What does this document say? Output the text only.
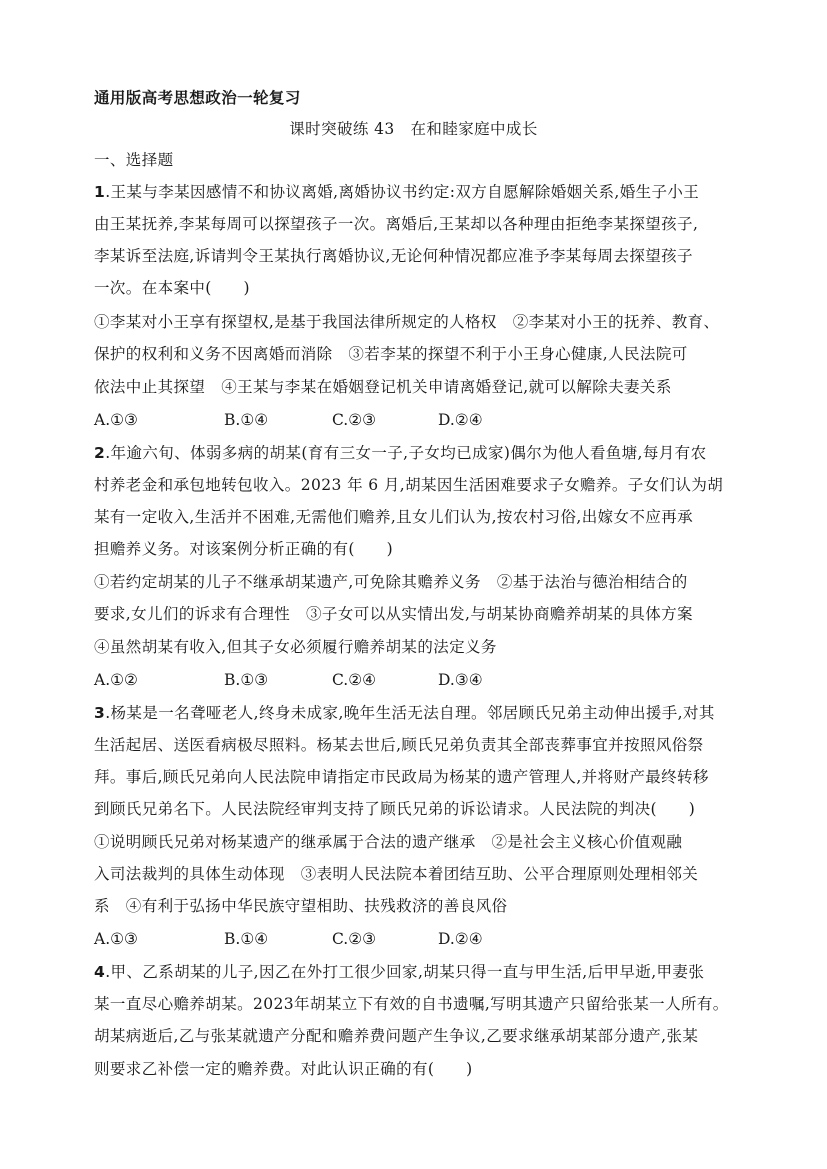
通用版高考思想政治一轮复习
课时突破练 43　在和睦家庭中成长
一、选择题
1.王某与李某因感情不和协议离婚,离婚协议书约定:双方自愿解除婚姻关系,婚生子小王
由王某抚养,李某每周可以探望孩子一次。离婚后,王某却以各种理由拒绝李某探望孩子,
李某诉至法庭,诉请判令王某执行离婚协议,无论何种情况都应准予李某每周去探望孩子
一次。在本案中(　　)
①李某对小王享有探望权,是基于我国法律所规定的人格权　②李某对小王的抚养、教育、
保护的权利和义务不因离婚而消除　③若李某的探望不利于小王身心健康,人民法院可
依法中止其探望　④王某与李某在婚姻登记机关申请离婚登记,就可以解除夫妻关系
A.①③	B.①④	C.②③	D.②④
2.年逾六旬、体弱多病的胡某(育有三女一子,子女均已成家)偶尔为他人看鱼塘,每月有农
村养老金和承包地转包收入。2023 年 6 月,胡某因生活困难要求子女赡养。子女们认为胡
某有一定收入,生活并不困难,无需他们赡养,且女儿们认为,按农村习俗,出嫁女不应再承
担赡养义务。对该案例分析正确的有(　　)
①若约定胡某的儿子不继承胡某遗产,可免除其赡养义务　②基于法治与德治相结合的
要求,女儿们的诉求有合理性　③子女可以从实情出发,与胡某协商赡养胡某的具体方案
④虽然胡某有收入,但其子女必须履行赡养胡某的法定义务
A.①②	B.①③	C.②④	D.③④
3.杨某是一名聋哑老人,终身未成家,晚年生活无法自理。邻居顾氏兄弟主动伸出援手,对其
生活起居、送医看病极尽照料。杨某去世后,顾氏兄弟负责其全部丧葬事宜并按照风俗祭
拜。事后,顾氏兄弟向人民法院申请指定市民政局为杨某的遗产管理人,并将财产最终转移
到顾氏兄弟名下。人民法院经审判支持了顾氏兄弟的诉讼请求。人民法院的判决(　　)
①说明顾氏兄弟对杨某遗产的继承属于合法的遗产继承　②是社会主义核心价值观融
入司法裁判的具体生动体现　③表明人民法院本着团结互助、公平合理原则处理相邻关
系　④有利于弘扬中华民族守望相助、扶残救济的善良风俗
A.①③	B.①④	C.②③	D.②④
4.甲、乙系胡某的儿子,因乙在外打工很少回家,胡某只得一直与甲生活,后甲早逝,甲妻张
某一直尽心赡养胡某。2023年胡某立下有效的自书遗嘱,写明其遗产只留给张某一人所有。
胡某病逝后,乙与张某就遗产分配和赡养费问题产生争议,乙要求继承胡某部分遗产,张某
则要求乙补偿一定的赡养费。对此认识正确的有(　　)
